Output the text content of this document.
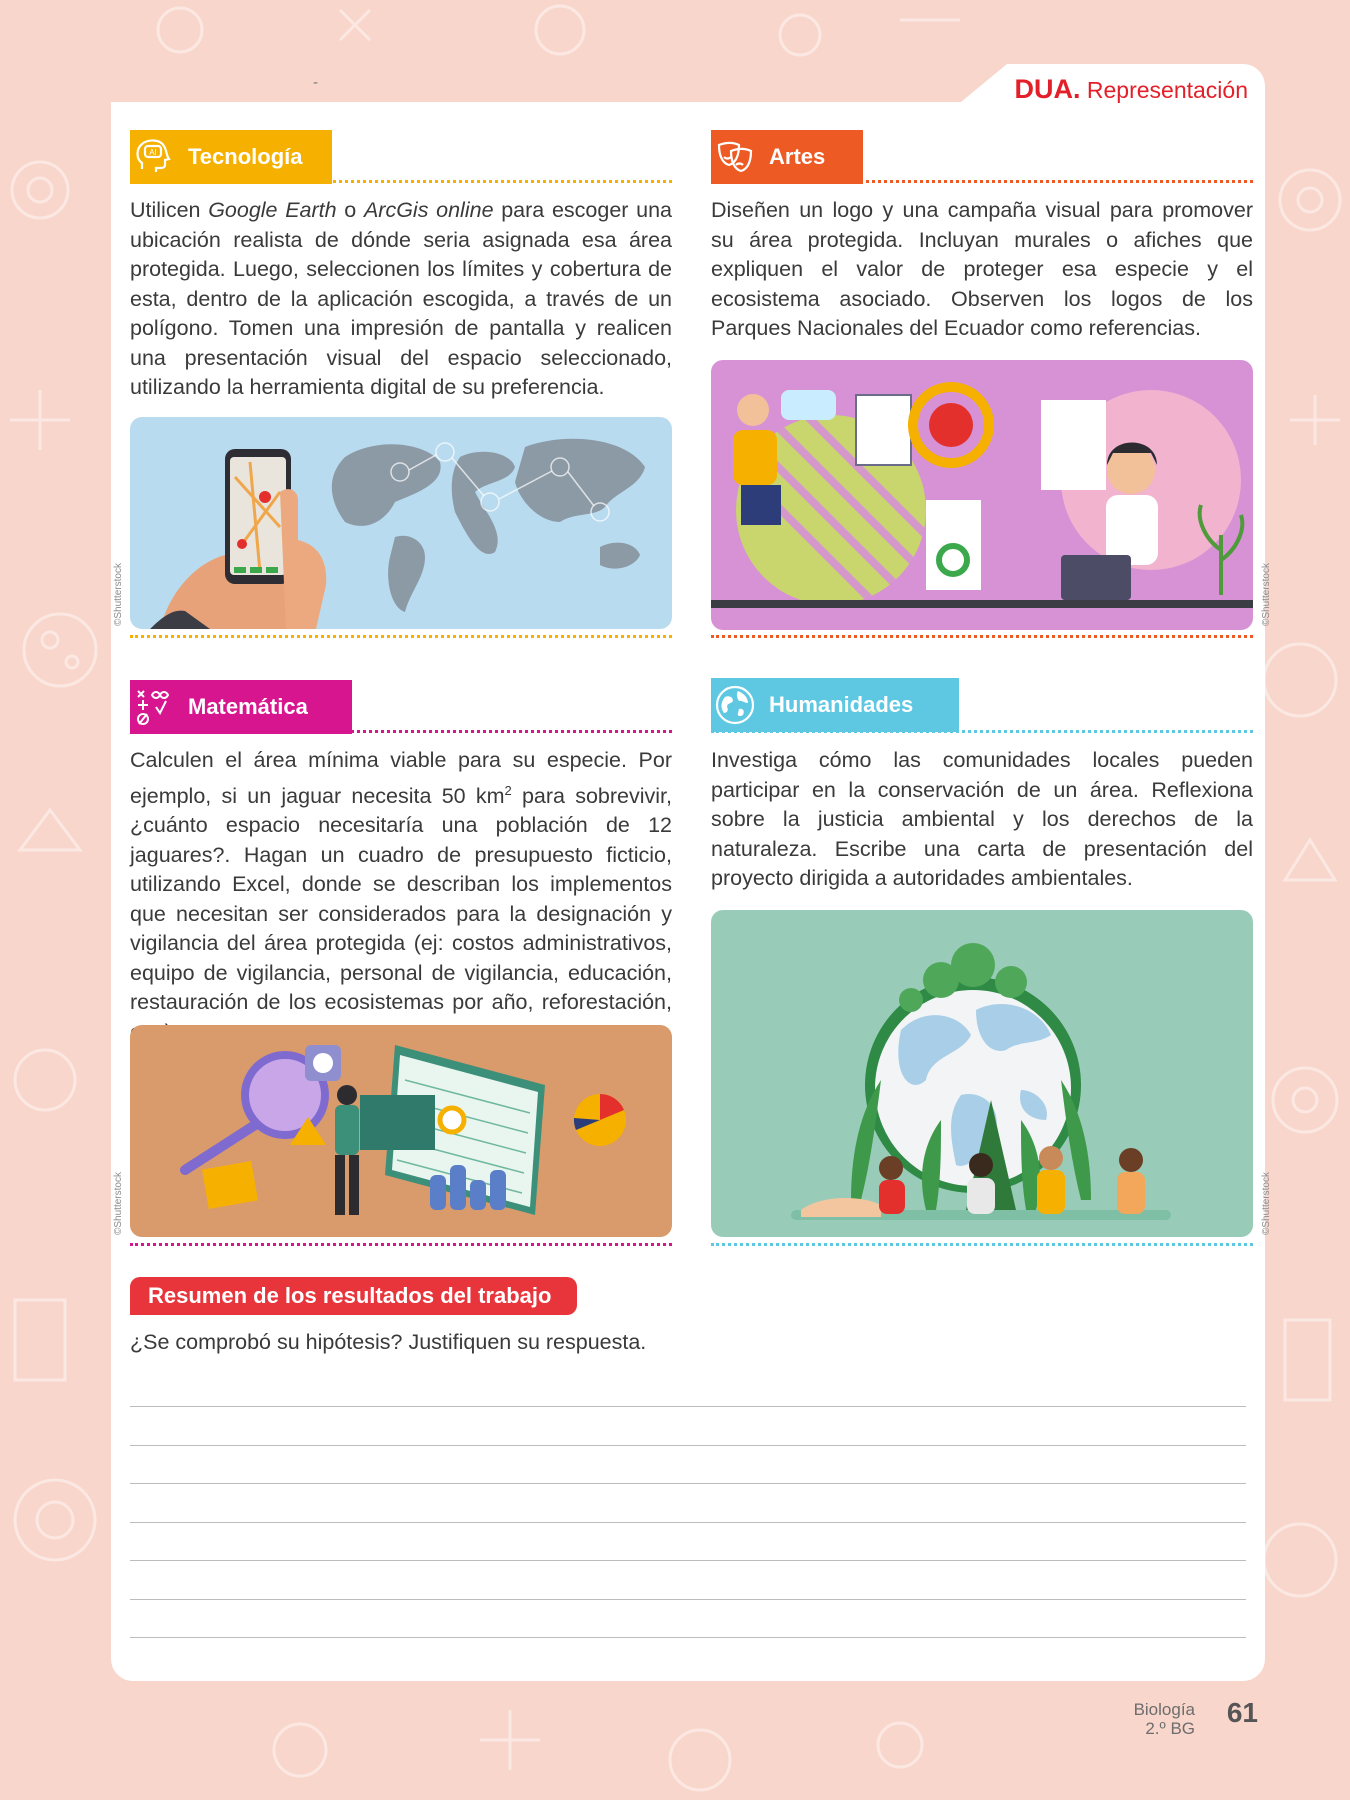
-	DUA. Representación
AI	Tecnología

Utilicen Google Earth o ArcGis online para escoger una ubicación realista de dónde seria asignada esa área protegida. Luego, seleccionen los límites y cobertura de esta, dentro de la aplicación escogida, a través de un polígono. Tomen una impresión de pantalla y realicen una presentación visual del espacio seleccionado, utilizando la herramienta digital de su preferencia.

©Shutterstock
Artes

Diseñen un logo y una campaña visual para promover su área protegida. Incluyan murales o afiches que expliquen el valor de proteger esa especie y el ecosistema asociado. Observen los logos de los Parques Nacionales del Ecuador como referencias.

©Shutterstock
Matemática

Calculen el área mínima viable para su especie. Por ejemplo, si un jaguar necesita 50 $km^2$ para sobrevivir, ¿cuánto espacio necesitaría una población de 12 jaguares?. Hagan un cuadro de presupuesto ficticio, utilizando Excel, donde se describan los implementos que necesitan ser considerados para la designación y vigilancia del área protegida (ej: costos administrativos, equipo de vigilancia, personal de vigilancia, educación, restauración de los ecosistemas por año, reforestación,

©Shutterstock
Humanidades

Investiga cómo las comunidades locales pueden participar en la conservación de un área. Reflexiona sobre la justicia ambiental y los derechos de la naturaleza. Escribe una carta de presentación del proyecto dirigida a autoridades ambientales.

©Shutterstock
Resumen de los resultados del trabajo
¿Se comprobó su hipótesis? Justifiquen su respuesta.
Biología
2.º BG
61
